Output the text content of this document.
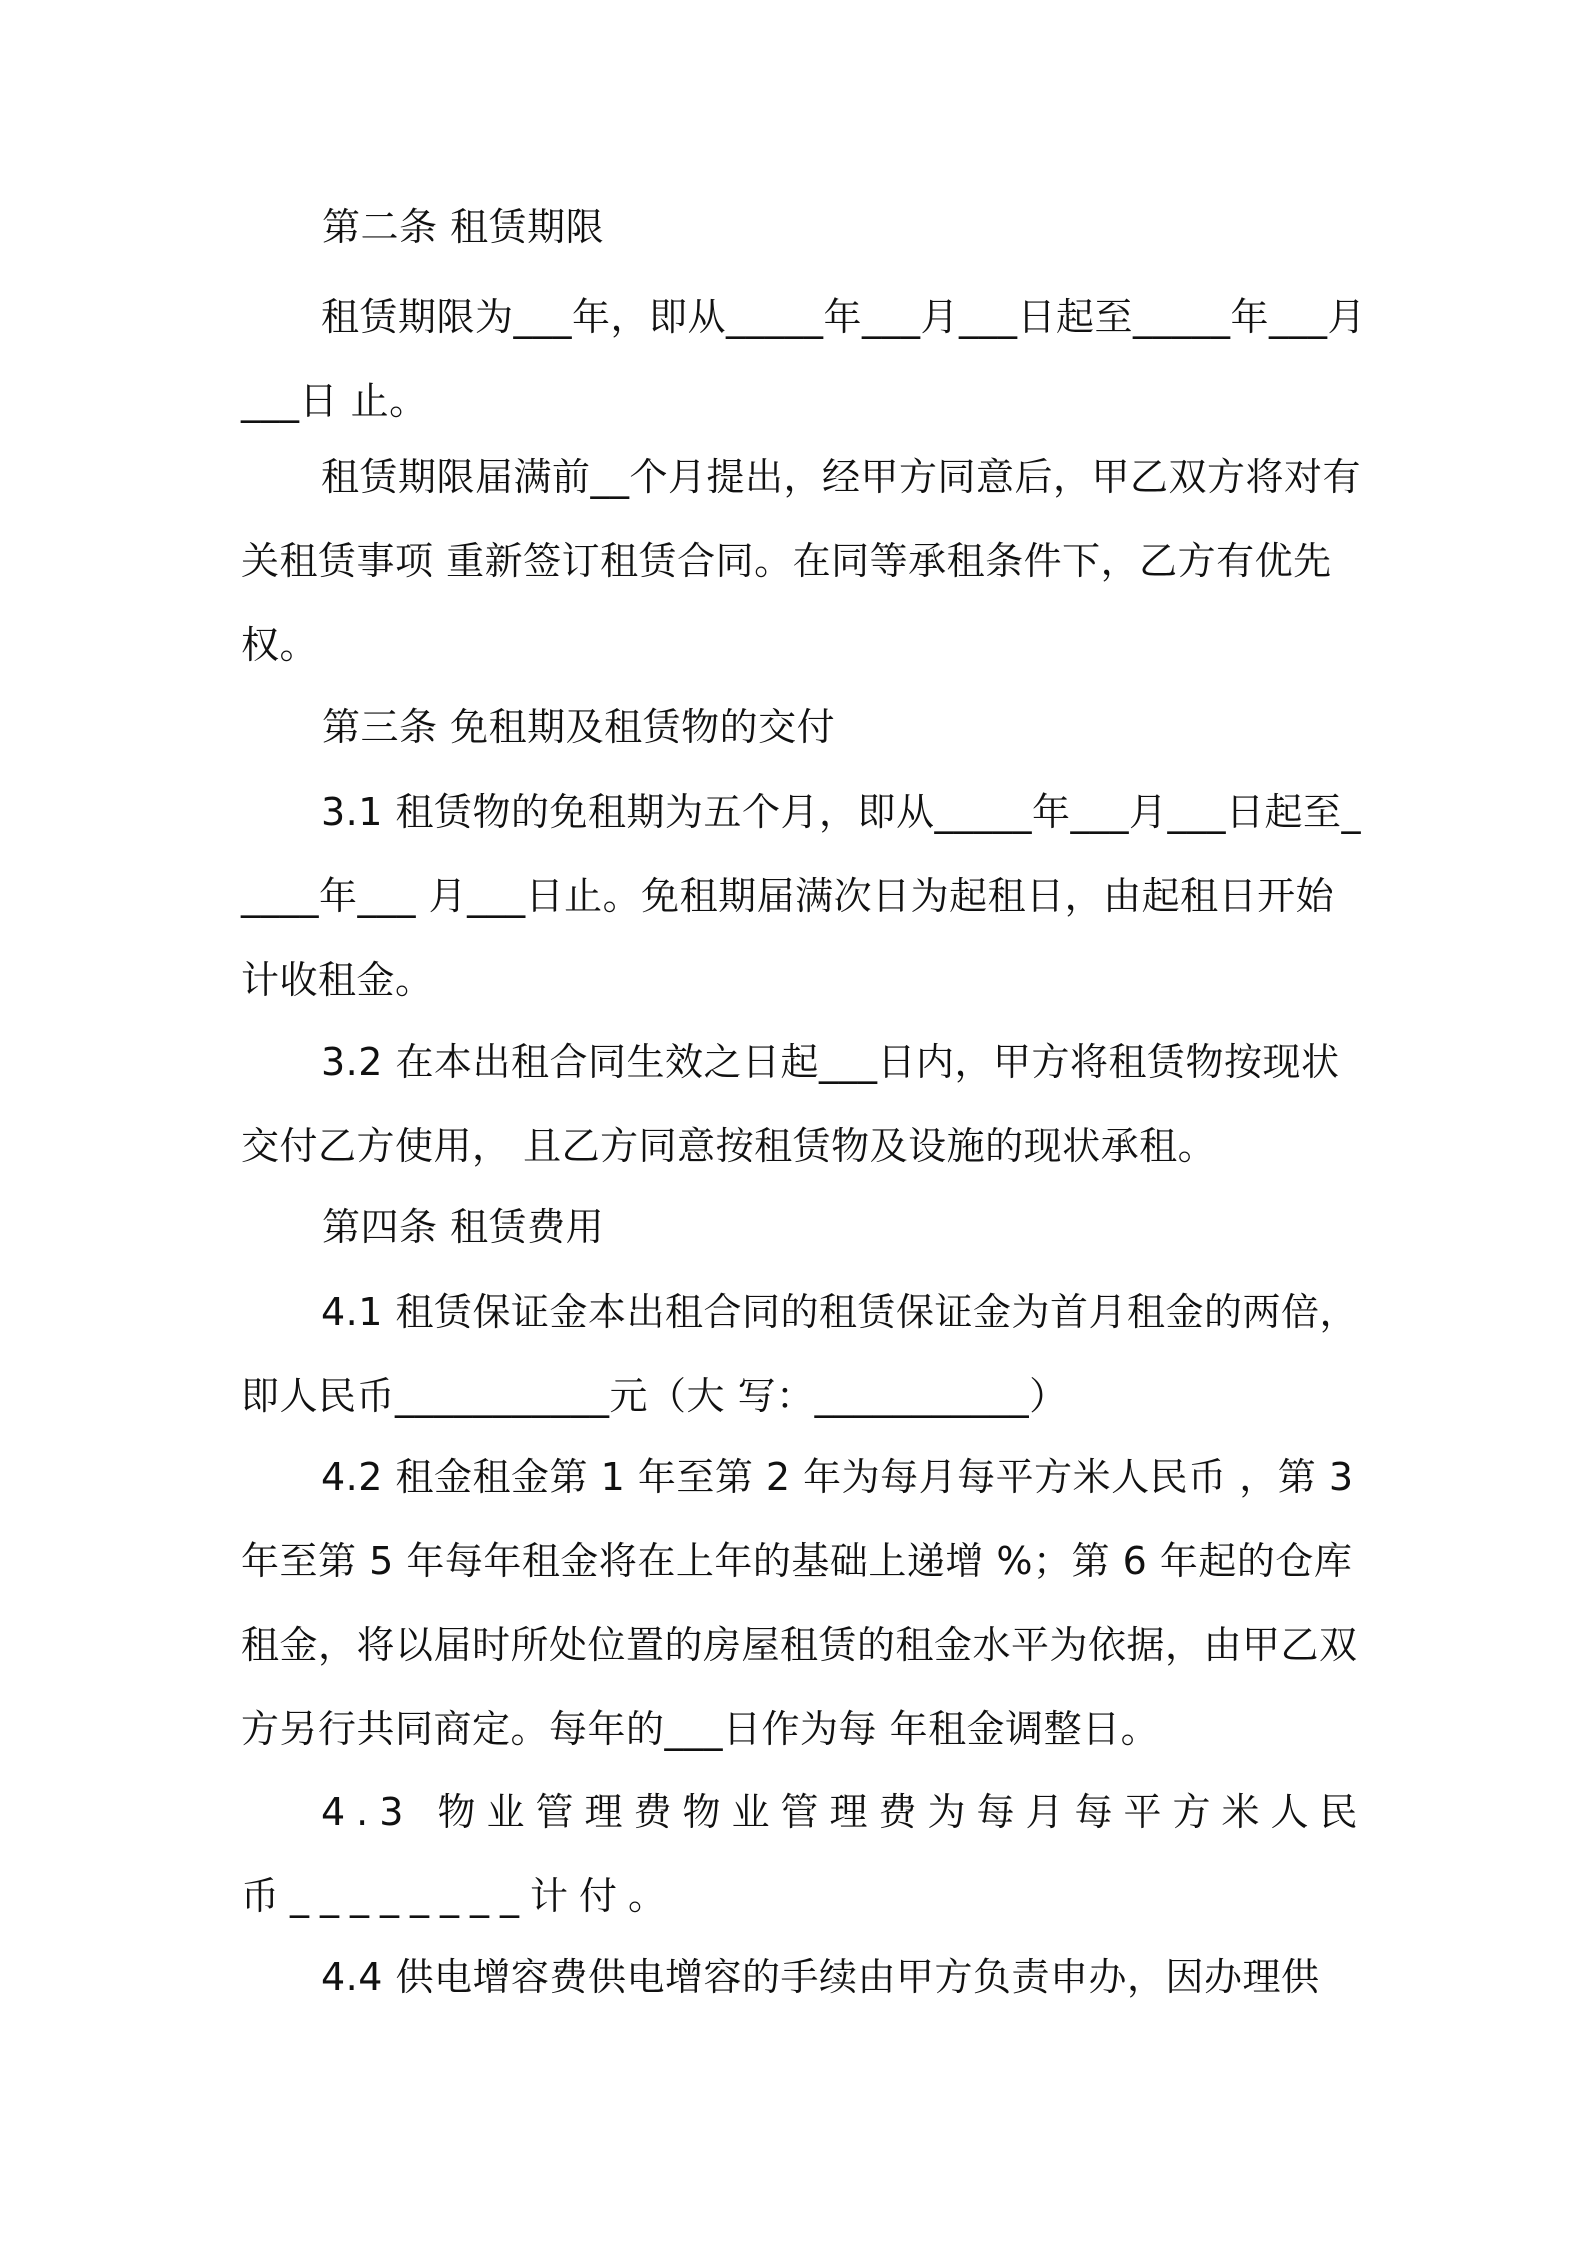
第二条 租赁期限
租赁期限为___年，即从_____年___月___日起至_____年___月___日 止。
租赁期限届满前__个月提出，经甲方同意后，甲乙双方将对有关租赁事项 重新签订租赁合同。在同等承租条件下，乙方有优先权。
第三条 免租期及租赁物的交付
3.1 租赁物的免租期为五个月，即从_____年___月___日起至_____年___ 月___日止。免租期届满次日为起租日，由起租日开始计收租金。
3.2 在本出租合同生效之日起___日内，甲方将租赁物按现状交付乙方使用， 且乙方同意按租赁物及设施的现状承租。
第四条 租赁费用
4.1 租赁保证金本出租合同的租赁保证金为首月租金的两倍，即人民币___________元（大 写：___________）
4.2 租金租金第 1 年至第 2 年为每月每平方米人民币 ，第 3 年至第 5 年每年租金将在上年的基础上递增 %；第 6 年起的仓库租金，将以届时所处位置的房屋租赁的租金水平为依据，由甲乙双方另行共同商定。每年的___日作为每 年租金调整日。
4.3 物业管理费物业管理费为每月每平方米人民币________计付。
4.4 供电增容费供电增容的手续由甲方负责申办，因办理供
